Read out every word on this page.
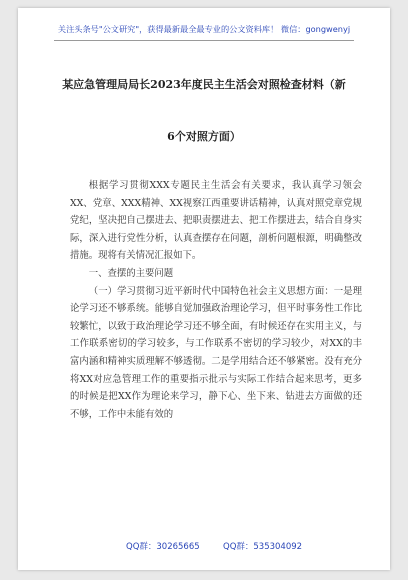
关注头条号"公文研究"，获得最新最全最专业的公文资料库！ 微信：gongwenyj
某应急管理局局长2023年度民主生活会对照检查材料（新
6个对照方面）

根据学习贯彻XXX专题民主生活会有关要求，我认真学习领会XX、党章、XXX精神、XX视察江西重要讲话精神，认真对照党章党规党纪，坚决把自己摆进去、把职责摆进去、把工作摆进去，结合自身实际，深入进行党性分析，认真查摆存在问题，剖析问题根源，明确整改措施。现将有关情况汇报如下。

一、查摆的主要问题

（一）学习贯彻习近平新时代中国特色社会主义思想方面：一是理论学习还不够系统。能够自觉加强政治理论学习，但平时事务性工作比较繁忙，以致于政治理论学习还不够全面，有时候还存在实用主义，与工作联系密切的学习较多，与工作联系不密切的学习较少，对XX的丰富内涵和精神实质理解不够透彻。二是学用结合还不够紧密。没有充分将XX对应急管理工作的重要指示批示与实际工作结合起来思考，更多的时候是把XX作为理论来学习，静下心、坐下来、钻进去方面做的还不够，工作中未能有效的

QQ群：30265665	QQ群：535304092
